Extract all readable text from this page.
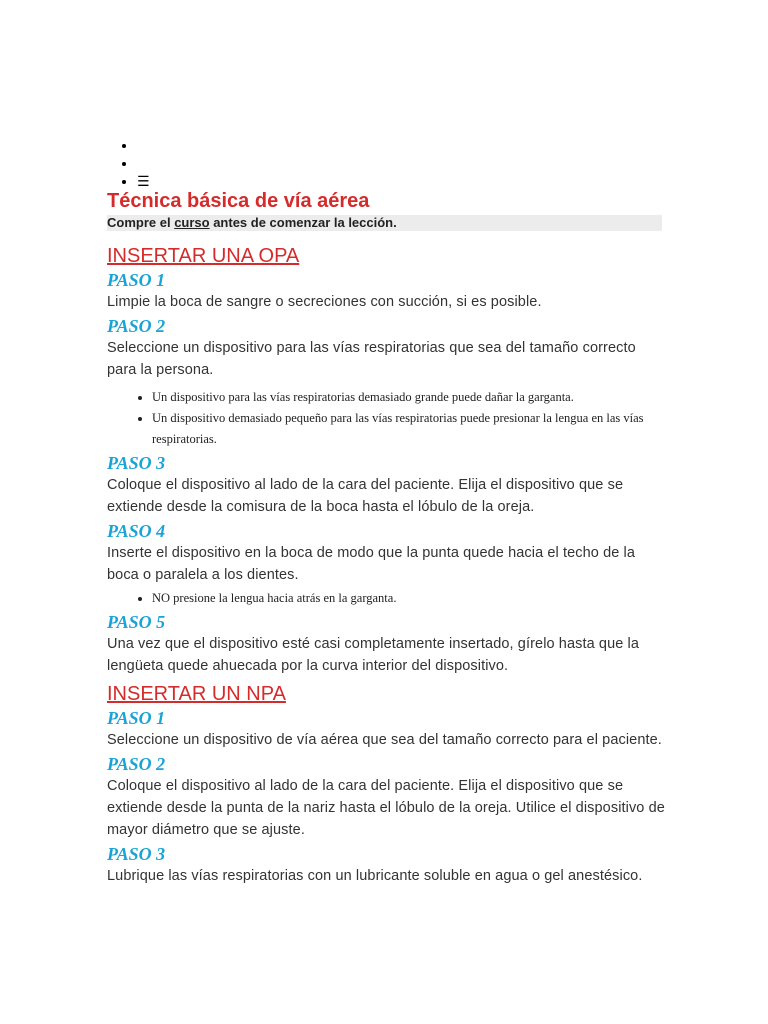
•
•
• ☰
Técnica básica de vía aérea
Compre el curso antes de comenzar la lección.
INSERTAR UNA OPA
PASO 1

Limpie la boca de sangre o secreciones con succión, si es posible.

PASO 2

Seleccione un dispositivo para las vías respiratorias que sea del tamaño correcto para la persona.

• Un dispositivo para las vías respiratorias demasiado grande puede dañar la garganta.
• Un dispositivo demasiado pequeño para las vías respiratorias puede presionar la lengua en las vías respiratorias.
PASO 3

Coloque el dispositivo al lado de la cara del paciente. Elija el dispositivo que se extiende desde la comisura de la boca hasta el lóbulo de la oreja.

PASO 4

Inserte el dispositivo en la boca de modo que la punta quede hacia el techo de la boca o paralela a los dientes.

• NO presione la lengua hacia atrás en la garganta.
PASO 5

Una vez que el dispositivo esté casi completamente insertado, gírelo hasta que la lengüeta quede ahuecada por la curva interior del dispositivo.

INSERTAR UN NPA
PASO 1

Seleccione un dispositivo de vía aérea que sea del tamaño correcto para el paciente.

PASO 2

Coloque el dispositivo al lado de la cara del paciente. Elija el dispositivo que se extiende desde la punta de la nariz hasta el lóbulo de la oreja. Utilice el dispositivo de mayor diámetro que se ajuste.

PASO 3

Lubrique las vías respiratorias con un lubricante soluble en agua o gel anestésico.
